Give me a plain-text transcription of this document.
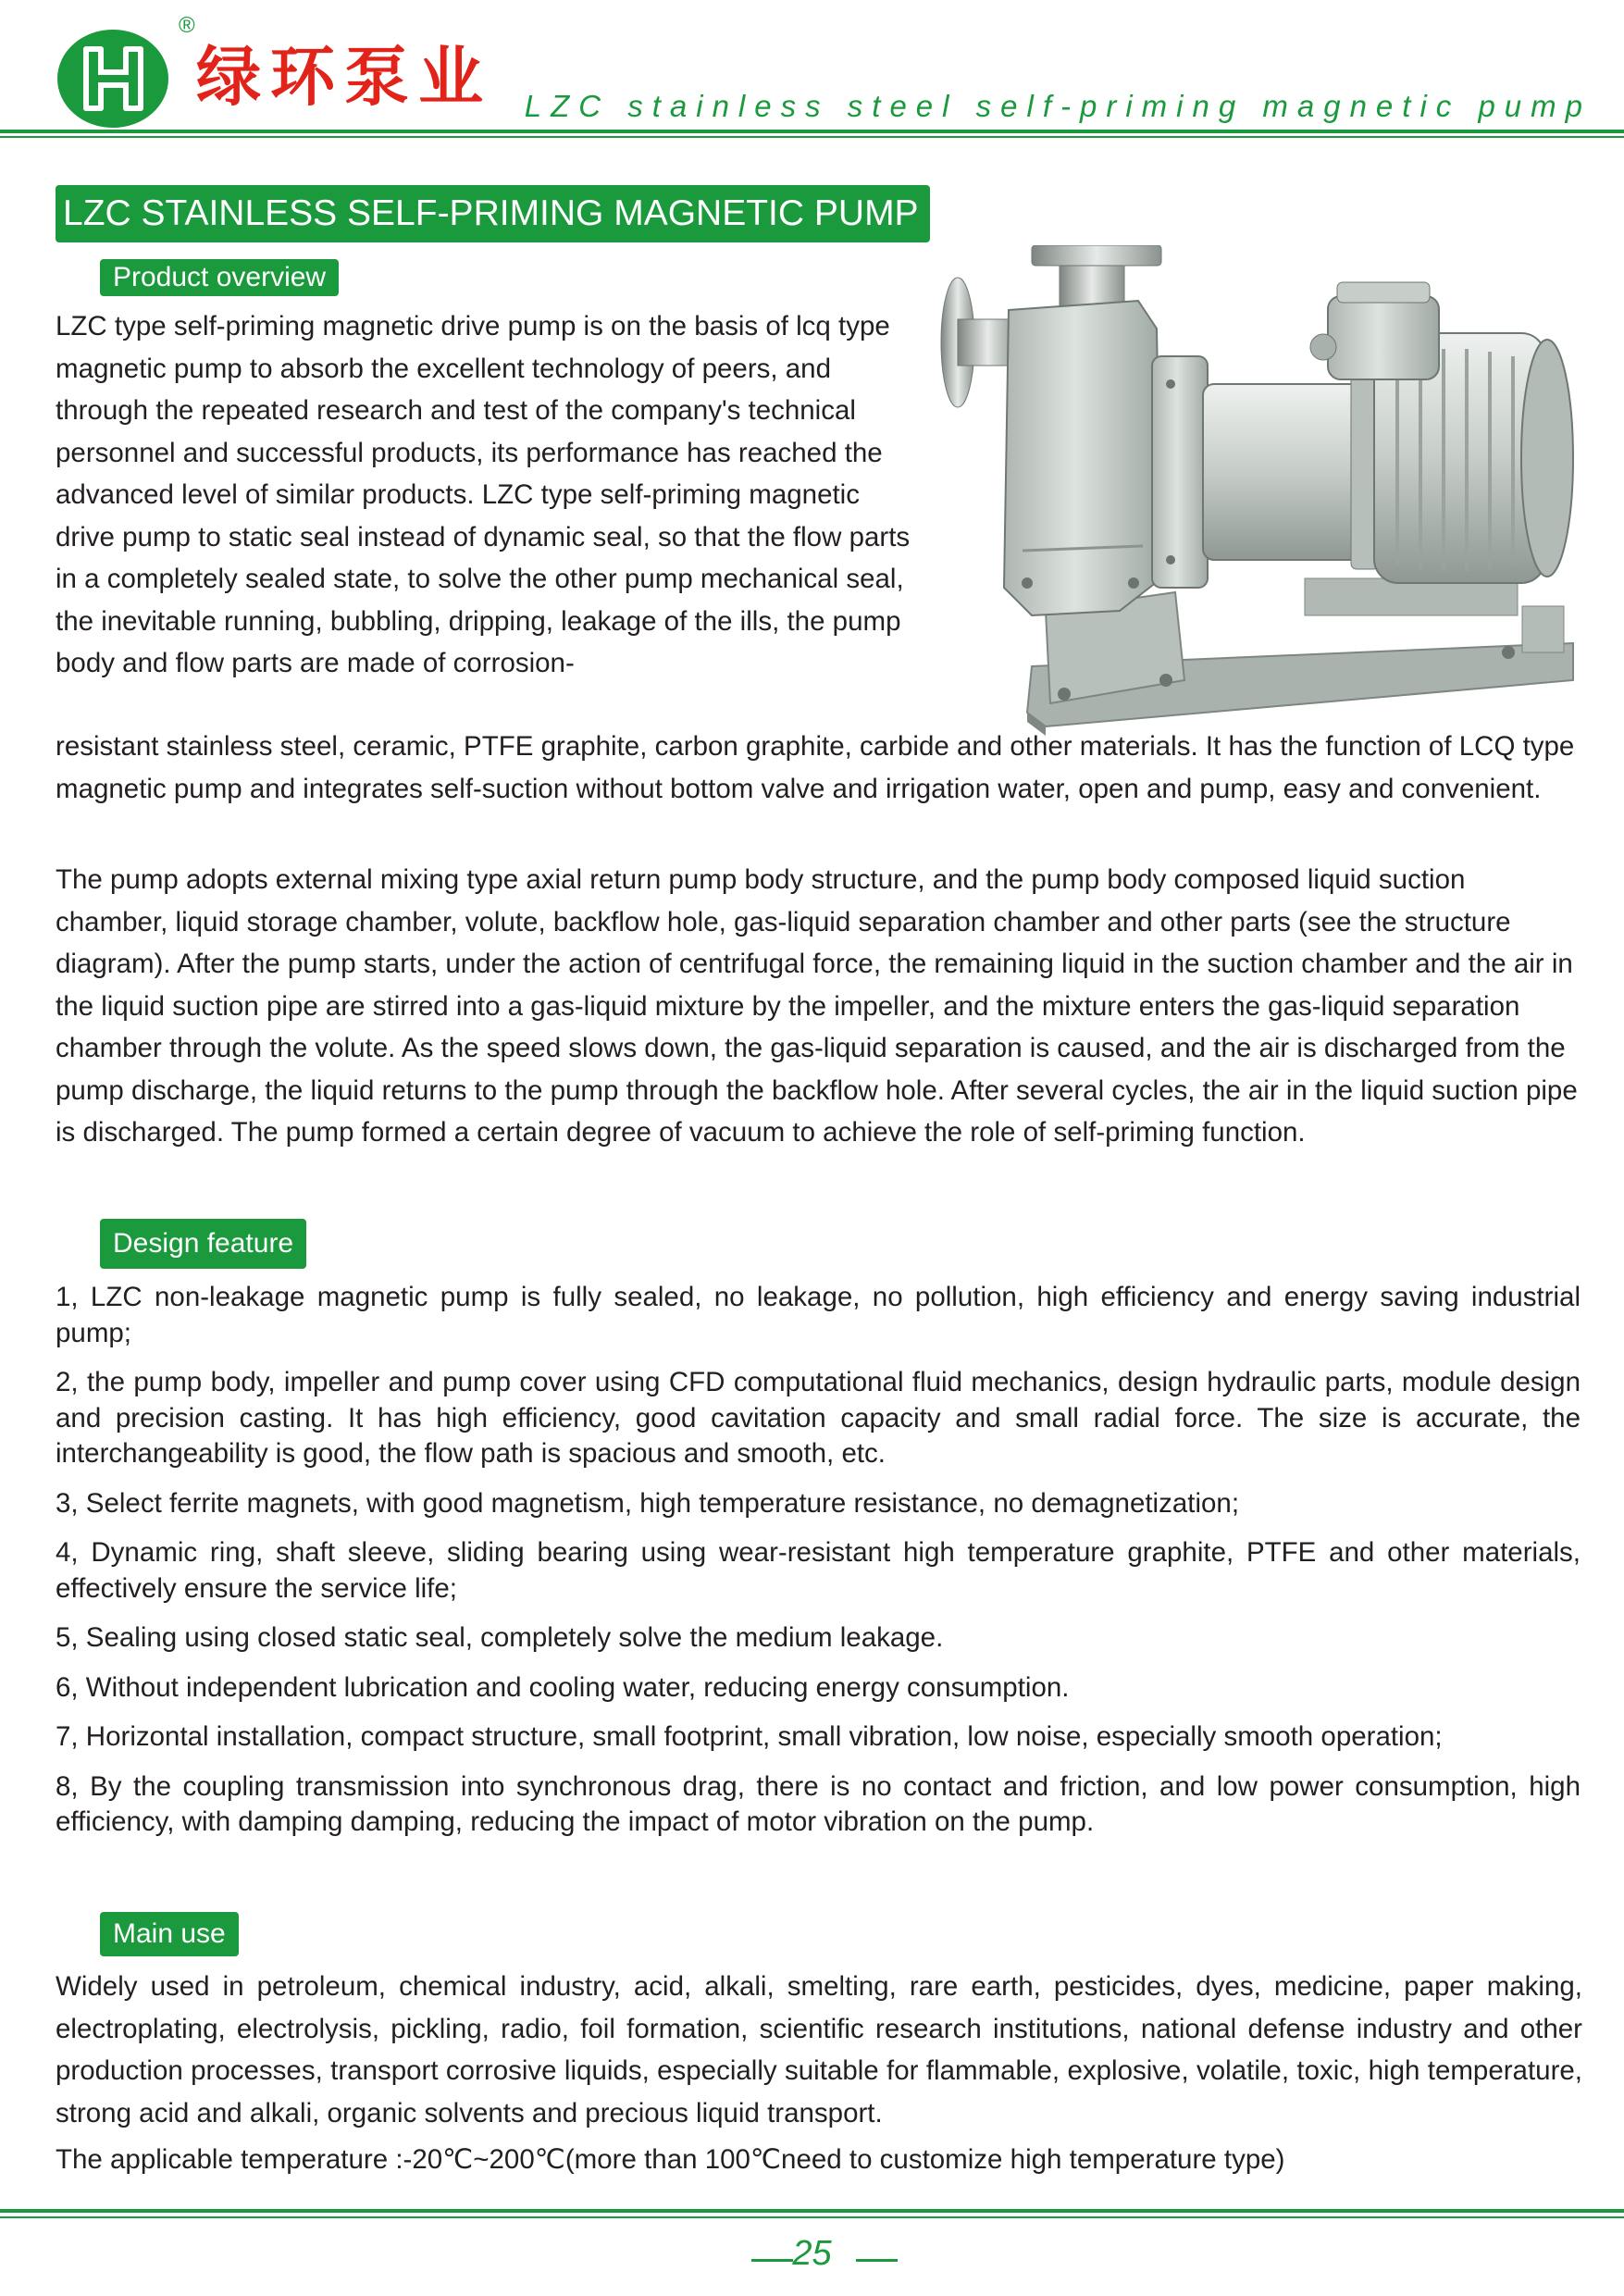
®
绿环泵业 LZC stainless steel self-priming magnetic pump
LZC STAINLESS SELF-PRIMING MAGNETIC PUMP
Product overview

LZC type self-priming magnetic drive pump is on the basis of lcq type magnetic pump to absorb the excellent technology of peers, and through the repeated research and test of the company's technical personnel and successful products, its performance has reached the advanced level of similar products. LZC type self-priming magnetic drive pump to static seal instead of dynamic seal, so that the flow parts in a completely sealed state, to solve the other pump mechanical seal, the inevitable running, bubbling, dripping, leakage of the ills, the pump body and flow parts are made of corrosion-

resistant stainless steel, ceramic, PTFE graphite, carbon graphite, carbide and other materials. It has the function of LCQ type magnetic pump and integrates self-suction without bottom valve and irrigation water, open and pump, easy and convenient.

The pump adopts external mixing type axial return pump body structure, and the pump body composed liquid suction chamber, liquid storage chamber, volute, backflow hole, gas-liquid separation chamber and other parts (see the structure diagram). After the pump starts, under the action of centrifugal force, the remaining liquid in the suction chamber and the air in the liquid suction pipe are stirred into a gas-liquid mixture by the impeller, and the mixture enters the gas-liquid separation chamber through the volute. As the speed slows down, the gas-liquid separation is caused, and the air is discharged from the pump discharge, the liquid returns to the pump through the backflow hole. After several cycles, the air in the liquid suction pipe is discharged. The pump formed a certain degree of vacuum to achieve the role of self-priming function.

Design feature

1, LZC non-leakage magnetic pump is fully sealed, no leakage, no pollution, high efficiency and energy saving industrial pump;

2, the pump body, impeller and pump cover using CFD computational fluid mechanics, design hydraulic parts, module design and precision casting. It has high efficiency, good cavitation capacity and small radial force. The size is accurate, the interchangeability is good, the flow path is spacious and smooth, etc.

3, Select ferrite magnets, with good magnetism, high temperature resistance, no demagnetization;

4, Dynamic ring, shaft sleeve, sliding bearing using wear-resistant high temperature graphite, PTFE and other materials, effectively ensure the service life;

5, Sealing using closed static seal, completely solve the medium leakage.

6, Without independent lubrication and cooling water, reducing energy consumption.

7, Horizontal installation, compact structure, small footprint, small vibration, low noise, especially smooth operation;

8, By the coupling transmission into synchronous drag, there is no contact and friction, and low power consumption, high efficiency, with damping damping, reducing the impact of motor vibration on the pump.

Main use

Widely used in petroleum, chemical industry, acid, alkali, smelting, rare earth, pesticides, dyes, medicine, paper making, electroplating, electrolysis, pickling, radio, foil formation, scientific research institutions, national defense industry and other production processes, transport corrosive liquids, especially suitable for flammable, explosive, volatile, toxic, high temperature, strong acid and alkali, organic solvents and precious liquid transport.

The applicable temperature :-20℃~200℃(more than 100℃need to customize high temperature type)

25
